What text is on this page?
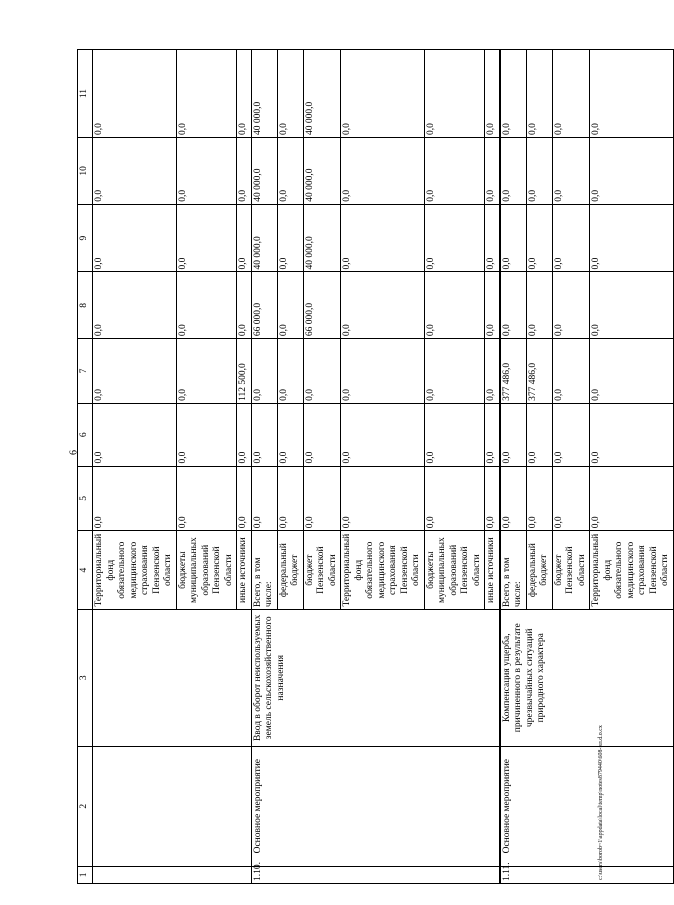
6
1	2	3	4	5	6	7	8	9	10	11
			Территориальный фонд обязательного медицинского страхования Пензенской области	0,0	0,0	0,0	0,0	0,0	0,0	0,0
			бюджеты муниципальных образований Пензенской области	0,0	0,0	0,0	0,0	0,0	0,0	0,0
			иные источники	0,0	0,0	112 500,0	0,0	0,0	0,0	0,0
1.10.	Основное мероприятие	Ввод в оборот неиспользуемых земель сельскохозяйственного назначения	Всего, в том числе:	0,0	0,0	0,0	66 000,0	40 000,0	40 000,0	40 000,0
			федеральный бюджет	0,0	0,0	0,0	0,0	0,0	0,0	0,0
			бюджет Пензенской области	0,0	0,0	0,0	66 000,0	40 000,0	40 000,0	40 000,0
			Территориальный фонд обязательного медицинского страхования Пензенской области	0,0	0,0	0,0	0,0	0,0	0,0	0,0
			бюджеты муниципальных образований Пензенской области	0,0	0,0	0,0	0,0	0,0	0,0	0,0
			иные источники	0,0	0,0	0,0	0,0	0,0	0,0	0,0
1.11.	Основное мероприятие	Компенсация ущерба, причиненного в результате чрезвычайных ситуаций природного характера	Всего, в том числе:	0,0	0,0	377 486,0	0,0	0,0	0,0	0,0
			федеральный бюджет	0,0	0,0	377 486,0	0,0	0,0	0,0	0,0
			бюджет Пензенской области	0,0	0,0	0,0	0,0	0,0	0,0	0,0
			Территориальный фонд обязательного медицинского страхования Пензенской области	0,0	0,0	0,0	0,0	0,0	0,0	0,0
c:\users\borob~1\appdata\local\temp\notes879440\608-ил.d.o.cx
